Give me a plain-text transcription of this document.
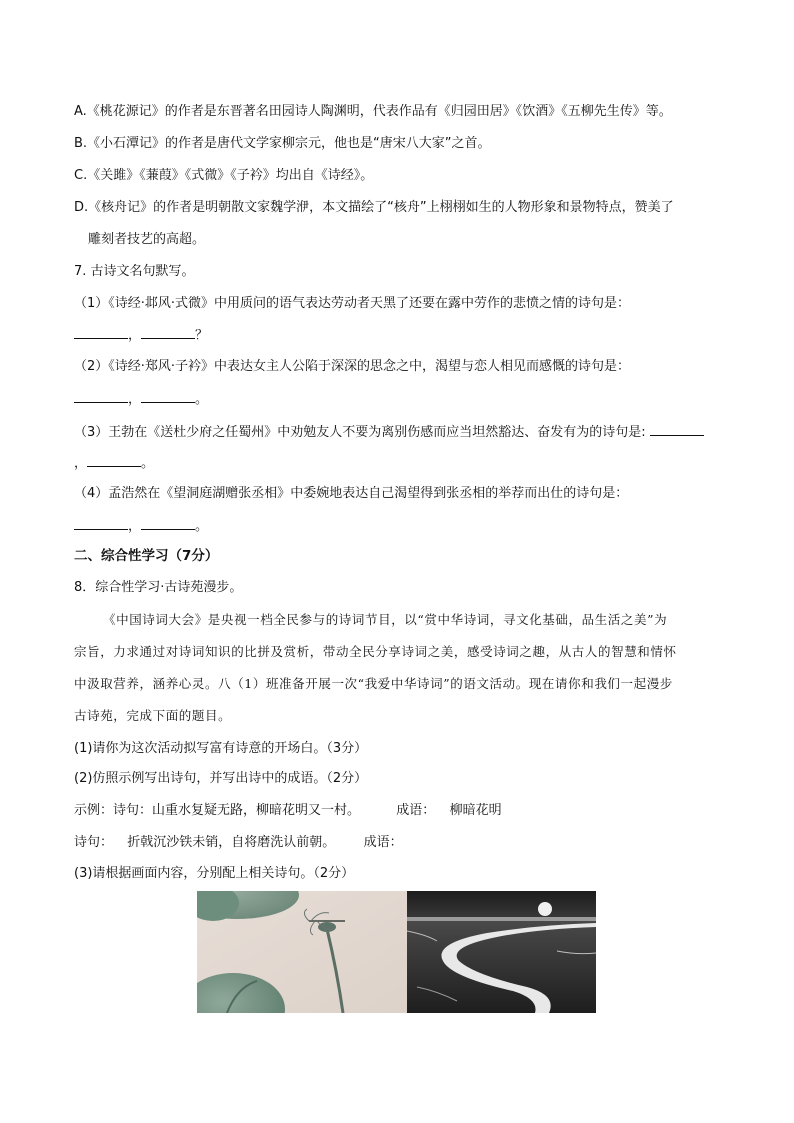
A.《桃花源记》的作者是东晋著名田园诗人陶渊明，代表作品有《归园田居》《饮酒》《五柳先生传》等。
B.《小石潭记》的作者是唐代文学家柳宗元，他也是“唐宋八大家”之首。
C.《关雎》《蒹葭》《式微》《子衿》均出自《诗经》。
D.《核舟记》的作者是明朝散文家魏学洢，本文描绘了“核舟”上栩栩如生的人物形象和景物特点，赞美了
雕刻者技艺的高超。
7. 古诗文名句默写。
（1）《诗经·邶风·式微》中用质问的语气表达劳动者天黑了还要在露中劳作的悲愤之情的诗句是：
，	？
（2）《诗经·郑风·子衿》中表达女主人公陷于深深的思念之中，渴望与恋人相见而感慨的诗句是：
，	。
（3）王勃在《送杜少府之任蜀州》中劝勉友人不要为离别伤感而应当坦然豁达、奋发有为的诗句是:
，	。
（4）孟浩然在《望洞庭湖赠张丞相》中委婉地表达自己渴望得到张丞相的举荐而出仕的诗句是：
，	。
二、综合性学习（7分）
8．综合性学习·古诗苑漫步。
《中国诗词大会》是央视一档全民参与的诗词节目，以“赏中华诗词，寻文化基础，品生活之美”为
宗旨，力求通过对诗词知识的比拼及赏析，带动全民分享诗词之美，感受诗词之趣，从古人的智慧和情怀
中汲取营养，涵养心灵。八（1）班准备开展一次“我爱中华诗词”的语文活动。现在请你和我们一起漫步
古诗苑，完成下面的题目。
(1)请你为这次活动拟写富有诗意的开场白。（3分）
(2)仿照示例写出诗句，并写出诗中的成语。（2分）
示例：诗句：山重水复疑无路，柳暗花明又一村。	成语： 柳暗花明
诗句： 折戟沉沙铁未销，自将磨洗认前朝。 成语：
(3)请根据画面内容，分别配上相关诗句。（2分）
